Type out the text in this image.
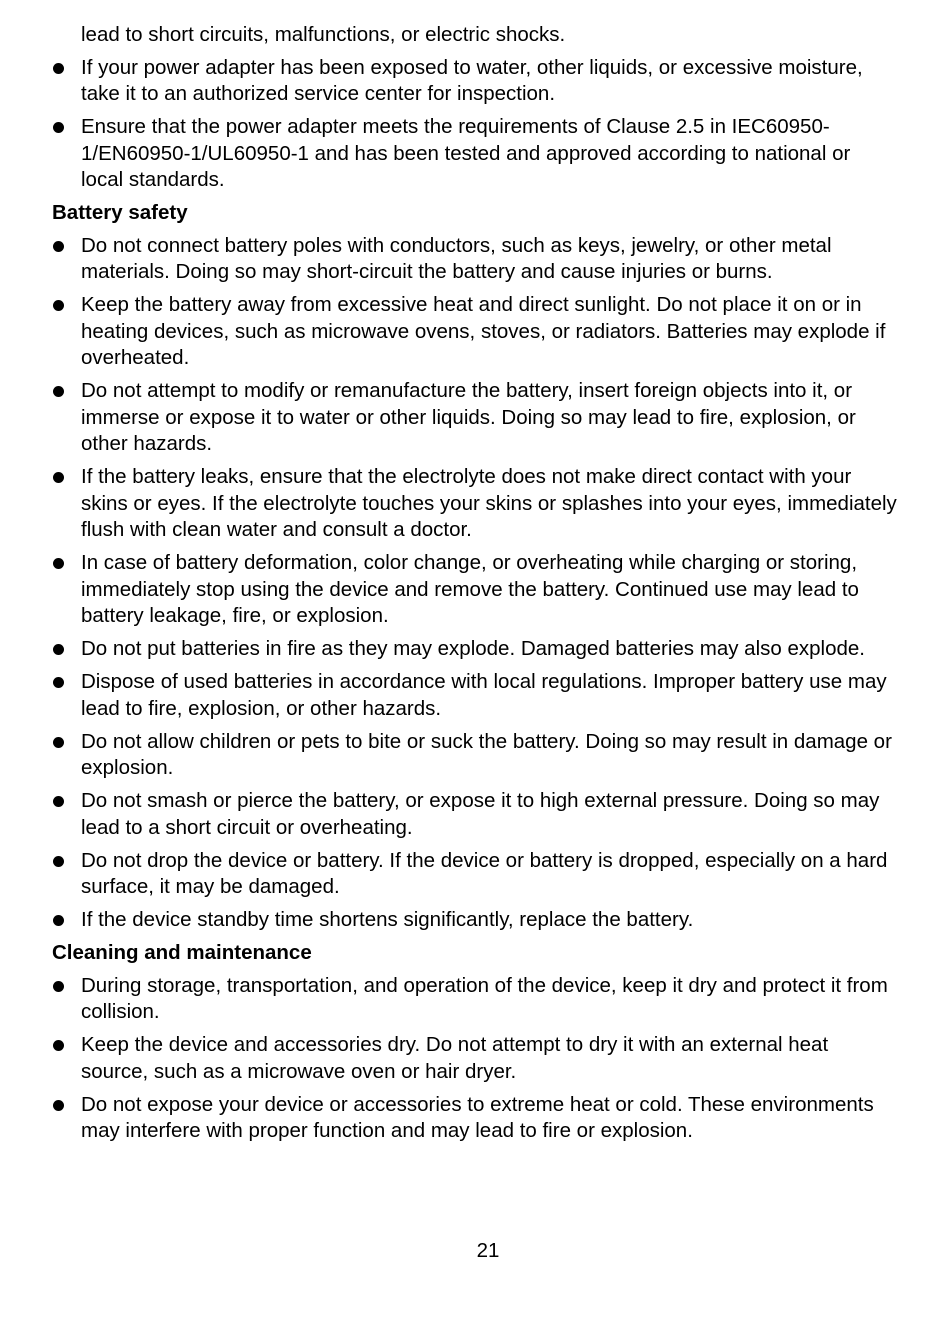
lead to short circuits, malfunctions, or electric shocks.
If your power adapter has been exposed to water, other liquids, or excessive moisture, take it to an authorized service center for inspection.
Ensure that the power adapter meets the requirements of Clause 2.5 in IEC60950-1/EN60950-1/UL60950-1 and has been tested and approved according to national or local standards.
Battery safety
Do not connect battery poles with conductors, such as keys, jewelry, or other metal materials. Doing so may short-circuit the battery and cause injuries or burns.
Keep the battery away from excessive heat and direct sunlight. Do not place it on or in heating devices, such as microwave ovens, stoves, or radiators. Batteries may explode if overheated.
Do not attempt to modify or remanufacture the battery, insert foreign objects into it, or immerse or expose it to water or other liquids. Doing so may lead to fire, explosion, or other hazards.
If the battery leaks, ensure that the electrolyte does not make direct contact with your skins or eyes. If the electrolyte touches your skins or splashes into your eyes, immediately flush with clean water and consult a doctor.
In case of battery deformation, color change, or overheating while charging or storing, immediately stop using the device and remove the battery. Continued use may lead to battery leakage, fire, or explosion.
Do not put batteries in fire as they may explode. Damaged batteries may also explode.
Dispose of used batteries in accordance with local regulations. Improper battery use may lead to fire, explosion, or other hazards.
Do not allow children or pets to bite or suck the battery. Doing so may result in damage or explosion.
Do not smash or pierce the battery, or expose it to high external pressure. Doing so may lead to a short circuit or overheating.
Do not drop the device or battery. If the device or battery is dropped, especially on a hard surface, it may be damaged.
If the device standby time shortens significantly, replace the battery.
Cleaning and maintenance
During storage, transportation, and operation of the device, keep it dry and protect it from collision.
Keep the device and accessories dry. Do not attempt to dry it with an external heat source, such as a microwave oven or hair dryer.
Do not expose your device or accessories to extreme heat or cold. These environments may interfere with proper function and may lead to fire or explosion.
21
